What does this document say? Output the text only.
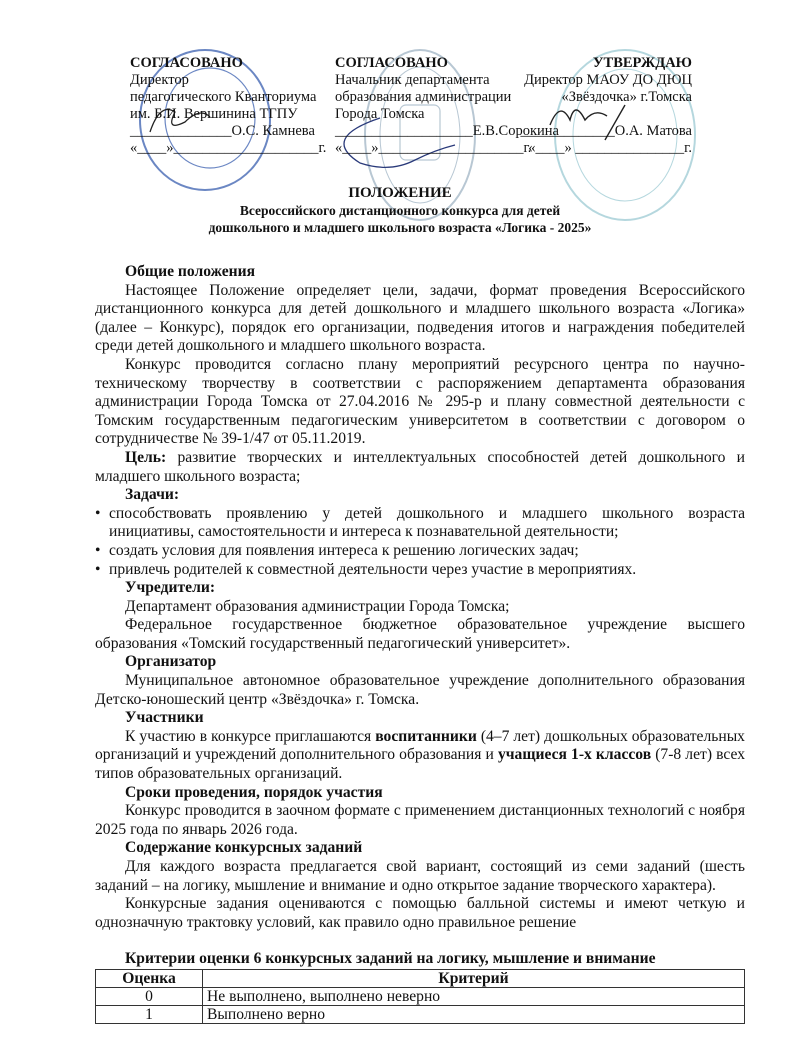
СОГЛАСОВАНО
Директор
педагогического Кванториума
им. Б.И. Вершинина ТГПУ
______________О.С. Камнева
«____»____________________г.
СОГЛАСОВАНО
Начальник департамента
образования администрации
Города Томска
___________________Е.В.Сорокина
«____»____________________г.
УТВЕРЖДАЮ
Директор МАОУ ДО ДЮЦ
«Звёздочка» г.Томска
_____________О.А. Матова
«____» _______________г.
ПОЛОЖЕНИЕ
Всероссийского дистанционного конкурса для детей
дошкольного и младшего школьного возраста «Логика - 2025»

Общие положения

Настоящее Положение определяет цели, задачи, формат проведения Всероссийского дистанционного конкурса для детей дошкольного и младшего школьного возраста «Логика» (далее – Конкурс), порядок его организации, подведения итогов и награждения победителей среди детей дошкольного и младшего школьного возраста.

Конкурс проводится согласно плану мероприятий ресурсного центра по научно-техническому творчеству в соответствии с распоряжением департамента образования администрации Города Томска от 27.04.2016 № 295-р и плану совместной деятельности с Томским государственным педагогическим университетом в соответствии с договором о сотрудничестве № 39-1/47 от 05.11.2019.

Цель: развитие творческих и интеллектуальных способностей детей дошкольного и младшего школьного возраста;

Задачи:

• способствовать проявлению у детей дошкольного и младшего школьного возраста инициативы, самостоятельности и интереса к познавательной деятельности;

• создать условия для появления интереса к решению логических задач;

• привлечь родителей к совместной деятельности через участие в мероприятиях.

Учредители:

Департамент образования администрации Города Томска;

Федеральное государственное бюджетное образовательное учреждение высшего образования «Томский государственный педагогический университет».

Организатор

Муниципальное автономное образовательное учреждение дополнительного образования Детско-юношеский центр «Звёздочка» г. Томска.

Участники

К участию в конкурсе приглашаются воспитанники (4–7 лет) дошкольных образовательных организаций и учреждений дополнительного образования и учащиеся 1-х классов (7-8 лет) всех типов образовательных организаций.

Сроки проведения, порядок участия

Конкурс проводится в заочном формате с применением дистанционных технологий с ноября 2025 года по январь 2026 года.

Содержание конкурсных заданий

Для каждого возраста предлагается свой вариант, состоящий из семи заданий (шесть заданий – на логику, мышление и внимание и одно открытое задание творческого характера).

Конкурсные задания оцениваются с помощью балльной системы и имеют четкую и однозначную трактовку условий, как правило одно правильное решение

Критерии оценки 6 конкурсных заданий на логику, мышление и внимание

Оценка	Критерий
0	Не выполнено, выполнено неверно
1	Выполнено верно
